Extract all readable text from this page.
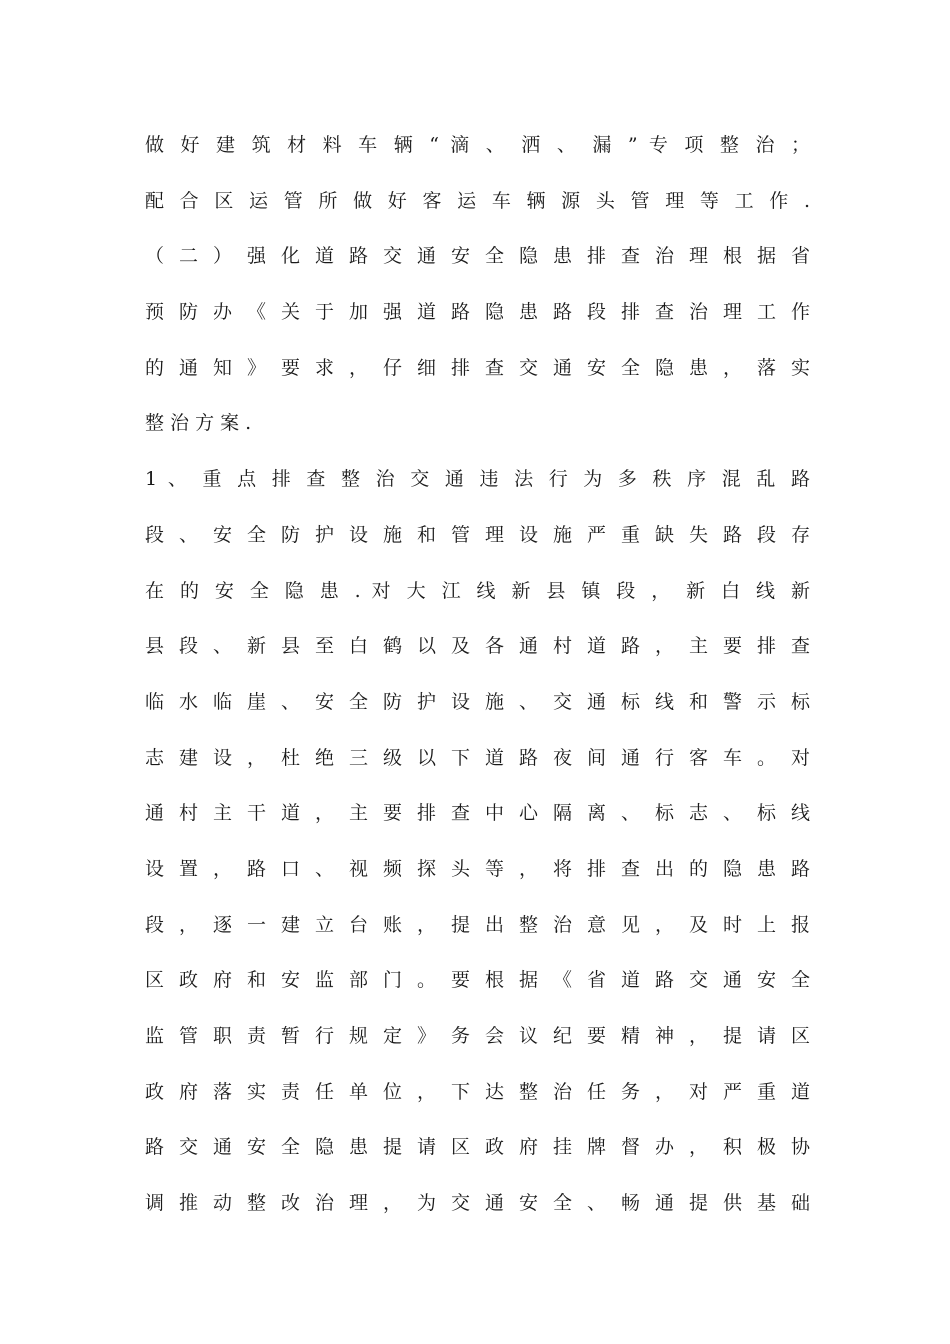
做 好 建 筑 材 料 车 辆 “ 滴 、 洒 、 漏 ” 专 项 整 治 ；
配 合 区 运 管 所 做 好 客 运 车 辆 源 头 管 理 等 工 作 .
（ 二 ） 强 化 道 路 交 通 安 全 隐 患 排 查 治 理 根 据 省
预 防 办 《 关 于 加 强 道 路 隐 患 路 段 排 查 治 理 工 作
的 通 知 》 要 求 ， 仔 细 排 查 交 通 安 全 隐 患 ， 落 实
整 治 方 案 .
1 、 重 点 排 查 整 治 交 通 违 法 行 为 多 秩 序 混 乱 路
段 、 安 全 防 护 设 施 和 管 理 设 施 严 重 缺 失 路 段 存
在 的 安 全 隐 患 . 对 大 江 线 新 县 镇 段 ， 新 白 线 新
县 段 、 新 县 至 白 鹤 以 及 各 通 村 道 路 ， 主 要 排 查
临 水 临 崖 、 安 全 防 护 设 施 、 交 通 标 线 和 警 示 标
志 建 设 ， 杜 绝 三 级 以 下 道 路 夜 间 通 行 客 车 。 对
通 村 主 干 道 ， 主 要 排 查 中 心 隔 离 、 标 志 、 标 线
设 置 ， 路 口 、 视 频 探 头 等 ， 将 排 查 出 的 隐 患 路
段 ， 逐 一 建 立 台 账 ， 提 出 整 治 意 见 ， 及 时 上 报
区 政 府 和 安 监 部 门 。 要 根 据 《 省 道 路 交 通 安 全
监 管 职 责 暂 行 规 定 》 务 会 议 纪 要 精 神 ， 提 请 区
政 府 落 实 责 任 单 位 ， 下 达 整 治 任 务 ， 对 严 重 道
路 交 通 安 全 隐 患 提 请 区 政 府 挂 牌 督 办 ， 积 极 协
调 推 动 整 改 治 理 ， 为 交 通 安 全 、 畅 通 提 供 基 础
